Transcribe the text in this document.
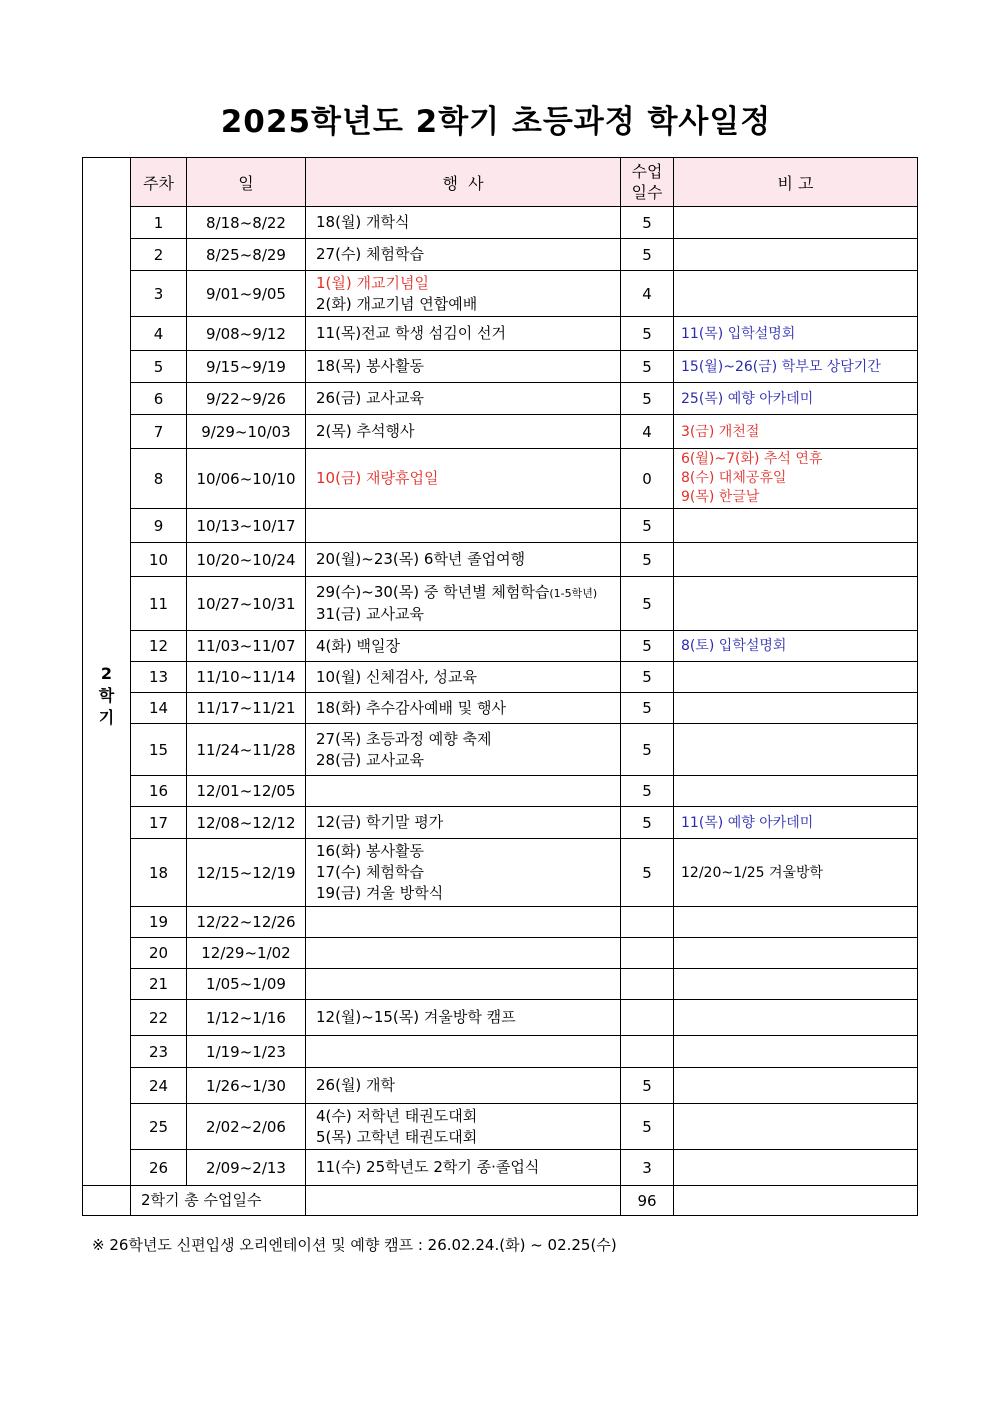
2025학년도 2학기 초등과정 학사일정
	주차	일	행  사	수업
일수	비 고

2
학
기	1	8/18~8/22	18(월) 개학식	5	
	2	8/25~8/29	27(수) 체험학습	5	
	3	9/01~9/05	1(월) 개교기념일
2(화) 개교기념 연합예배	4	
	4	9/08~9/12	11(목)전교 학생 섬김이 선거	5	11(목) 입학설명회

	5	9/15~9/19	18(목) 봉사활동	5	15(월)~26(금) 학부모 상담기간

	6	9/22~9/26	26(금) 교사교육	5	25(목) 예향 아카데미

	7	9/29~10/03	2(목) 추석행사	4	3(금) 개천절

	8	10/06~10/10	10(금) 재량휴업일	0	6(월)~7(화) 추석 연휴
8(수) 대체공휴일
9(목) 한글날

	9	10/13~10/17		5	
	10	10/20~10/24	20(월)~23(목) 6학년 졸업여행	5	
	11	10/27~10/31	29(수)~30(목) 중 학년별 체험학습(1-5학년)
31(금) 교사교육	5	
	12	11/03~11/07	4(화) 백일장	5	8(토) 입학설명회

	13	11/10~11/14	10(월) 신체검사, 성교육	5	
	14	11/17~11/21	18(화) 추수감사예배 및 행사	5	
	15	11/24~11/28	27(목) 초등과정 예향 축제
28(금) 교사교육	5	
	16	12/01~12/05		5	
	17	12/08~12/12	12(금) 학기말 평가	5	11(목) 예향 아카데미

	18	12/15~12/19	16(화) 봉사활동
17(수) 체험학습
19(금) 겨울 방학식	5	12/20~1/25 겨울방학

	19	12/22~12/26			
	20	12/29~1/02			
	21	1/05~1/09			
	22	1/12~1/16	12(월)~15(목) 겨울방학 캠프		

	23	1/19~1/23			
	24	1/26~1/30	26(월) 개학	5	
	25	2/02~2/06	4(수) 저학년 태권도대회
5(목) 고학년 태권도대회	5	
	26	2/09~2/13	11(수) 25학년도 2학기 종·졸업식	3	
	2학기 총 수업일수			96	
※ 26학년도 신편입생 오리엔테이션 및 예향 캠프 : 26.02.24.(화) ~ 02.25(수)
